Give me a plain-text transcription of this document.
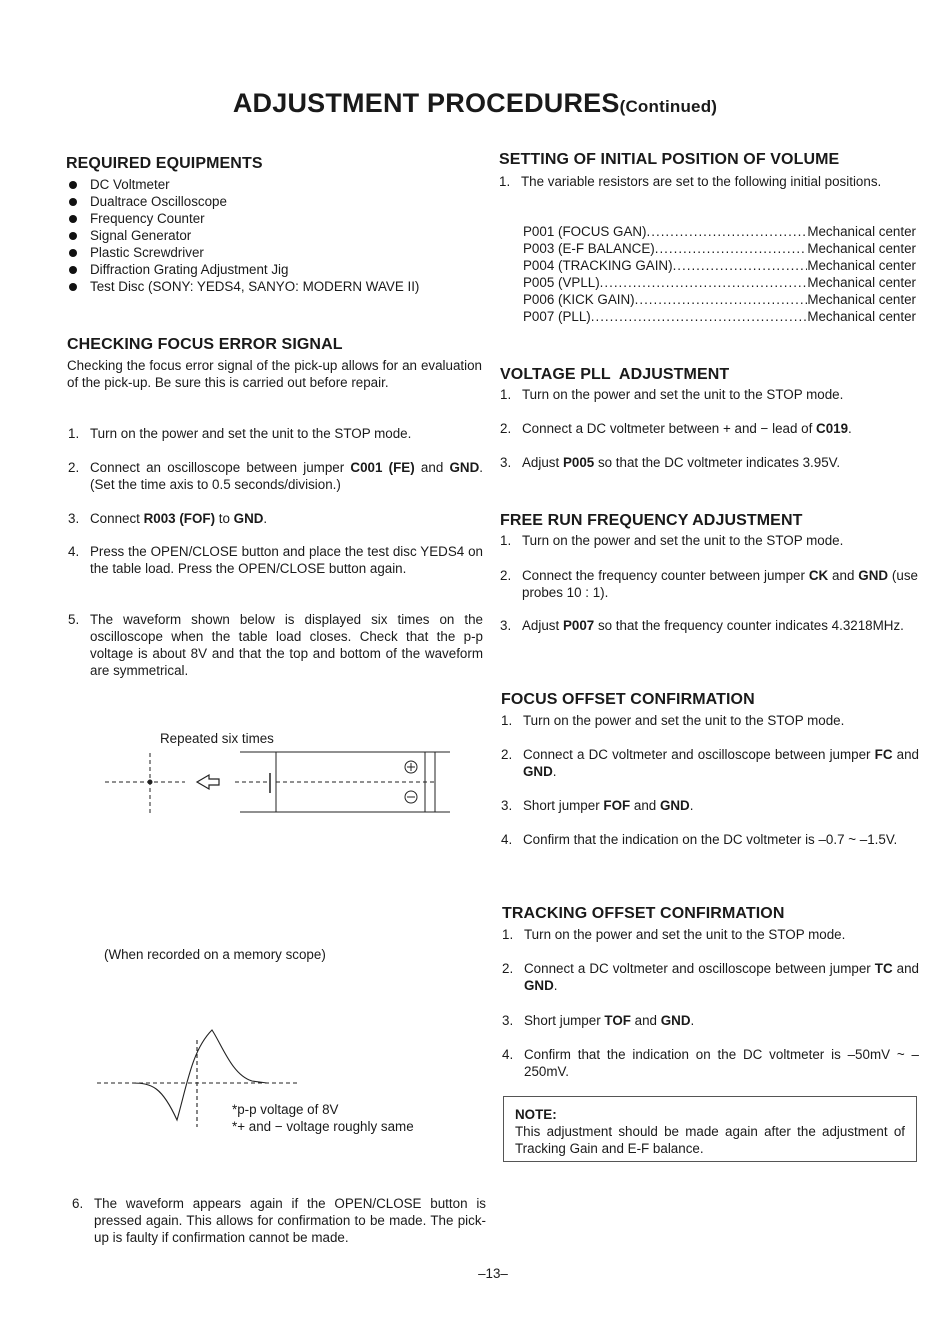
ADJUSTMENT PROCEDURES(Continued)
REQUIRED EQUIPMENTS
DC Voltmeter
Dualtrace Oscilloscope
Frequency Counter
Signal Generator
Plastic Screwdriver
Diffraction Grating Adjustment Jig
Test Disc (SONY: YEDS4, SANYO: MODERN WAVE II)
CHECKING FOCUS ERROR SIGNAL
Checking the focus error signal of the pick-up allows for an evaluation of the pick-up. Be sure this is carried out before repair.
1. Turn on the power and set the unit to the STOP mode.
2. Connect an oscilloscope between jumper C001 (FE) and GND. (Set the time axis to 0.5 seconds/division.)
3. Connect R003 (FOF) to GND.
4. Press the OPEN/CLOSE button and place the test disc YEDS4 on the table load. Press the OPEN/CLOSE button again.
5. The waveform shown below is displayed six times on the oscilloscope when the table load closes. Check that the p-p voltage is about 8V and that the top and bottom of the waveform are symmetrical.
Repeated six times
(When recorded on a memory scope)
*p-p voltage of 8V
*+ and − voltage roughly same
6. The waveform appears again if the OPEN/CLOSE button is pressed again. This allows for confirmation to be made. The pick-up is faulty if confirmation cannot be made.
SETTING OF INITIAL POSITION OF VOLUME
1. The variable resistors are set to the following initial positions.
P001 (FOCUS GAN) .....	Mechanical center
P003 (E-F BALANCE) .....	Mechanical center
P004 (TRACKING GAIN) .....	Mechanical center
P005 (VPLL) .....	Mechanical center
P006 (KICK GAIN) .....	Mechanical center
P007 (PLL) .....	Mechanical center
VOLTAGE PLL  ADJUSTMENT
1. Turn on the power and set the unit to the STOP mode.
2. Connect a DC voltmeter between + and − lead of C019.
3. Adjust P005 so that the DC voltmeter indicates 3.95V.
FREE RUN FREQUENCY ADJUSTMENT
1. Turn on the power and set the unit to the STOP mode.
2. Connect the frequency counter between jumper CK and GND (use probes 10 : 1).
3. Adjust P007 so that the frequency counter indicates 4.3218MHz.
FOCUS OFFSET CONFIRMATION
1. Turn on the power and set the unit to the STOP mode.
2. Connect a DC voltmeter and oscilloscope between jumper FC and GND.
3. Short jumper FOF and GND.
4. Confirm that the indication on the DC voltmeter is –0.7 ~ –1.5V.
TRACKING OFFSET CONFIRMATION
1. Turn on the power and set the unit to the STOP mode.
2. Connect a DC voltmeter and oscilloscope between jumper TC and GND.
3. Short jumper TOF and GND.
4. Confirm that the indication on the DC voltmeter is –50mV ~ –250mV.
NOTE:
This adjustment should be made again after the adjustment of Tracking Gain and E-F balance.
–13–
